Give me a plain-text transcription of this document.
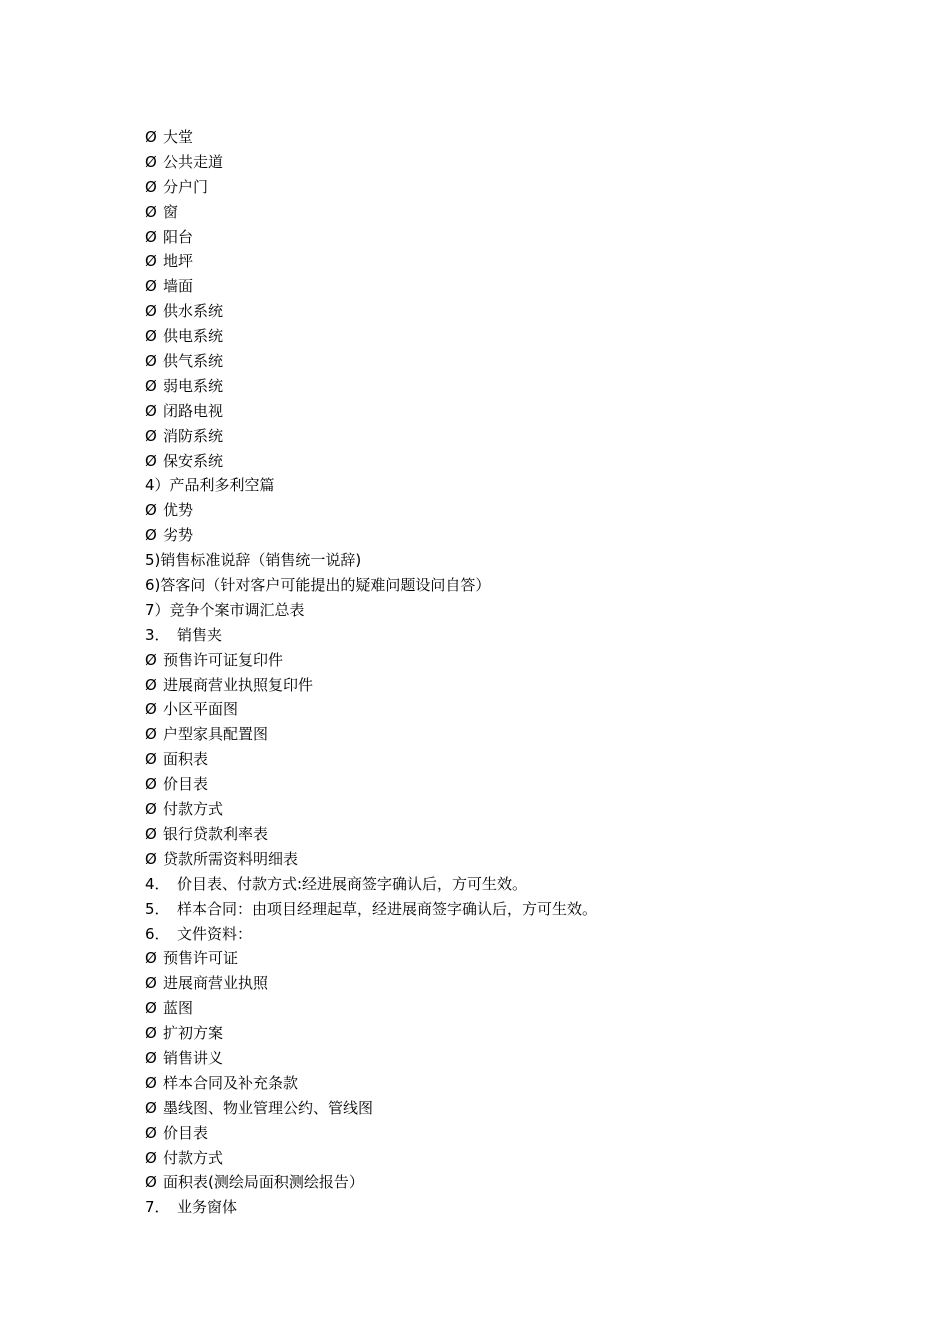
Ø 大堂
Ø 公共走道
Ø 分户门
Ø 窗
Ø 阳台
Ø 地坪
Ø 墙面
Ø 供水系统
Ø 供电系统
Ø 供气系统
Ø 弱电系统
Ø 闭路电视
Ø 消防系统
Ø 保安系统
4）产品利多利空篇
Ø 优势
Ø 劣势
5)销售标准说辞（销售统一说辞)
6)答客问（针对客户可能提出的疑难问题设问自答）
7）竞争个案市调汇总表
3． 销售夹
Ø 预售许可证复印件
Ø 进展商营业执照复印件
Ø 小区平面图
Ø 户型家具配置图
Ø 面积表
Ø 价目表
Ø 付款方式
Ø 银行贷款利率表
Ø 贷款所需资料明细表
4． 价目表、付款方式:经进展商签字确认后，方可生效。
5． 样本合同：由项目经理起草，经进展商签字确认后，方可生效。
6． 文件资料：
Ø 预售许可证
Ø 进展商营业执照
Ø 蓝图
Ø 扩初方案
Ø 销售讲义
Ø 样本合同及补充条款
Ø 墨线图、物业管理公约、管线图
Ø 价目表
Ø 付款方式
Ø 面积表(测绘局面积测绘报告）
7． 业务窗体
